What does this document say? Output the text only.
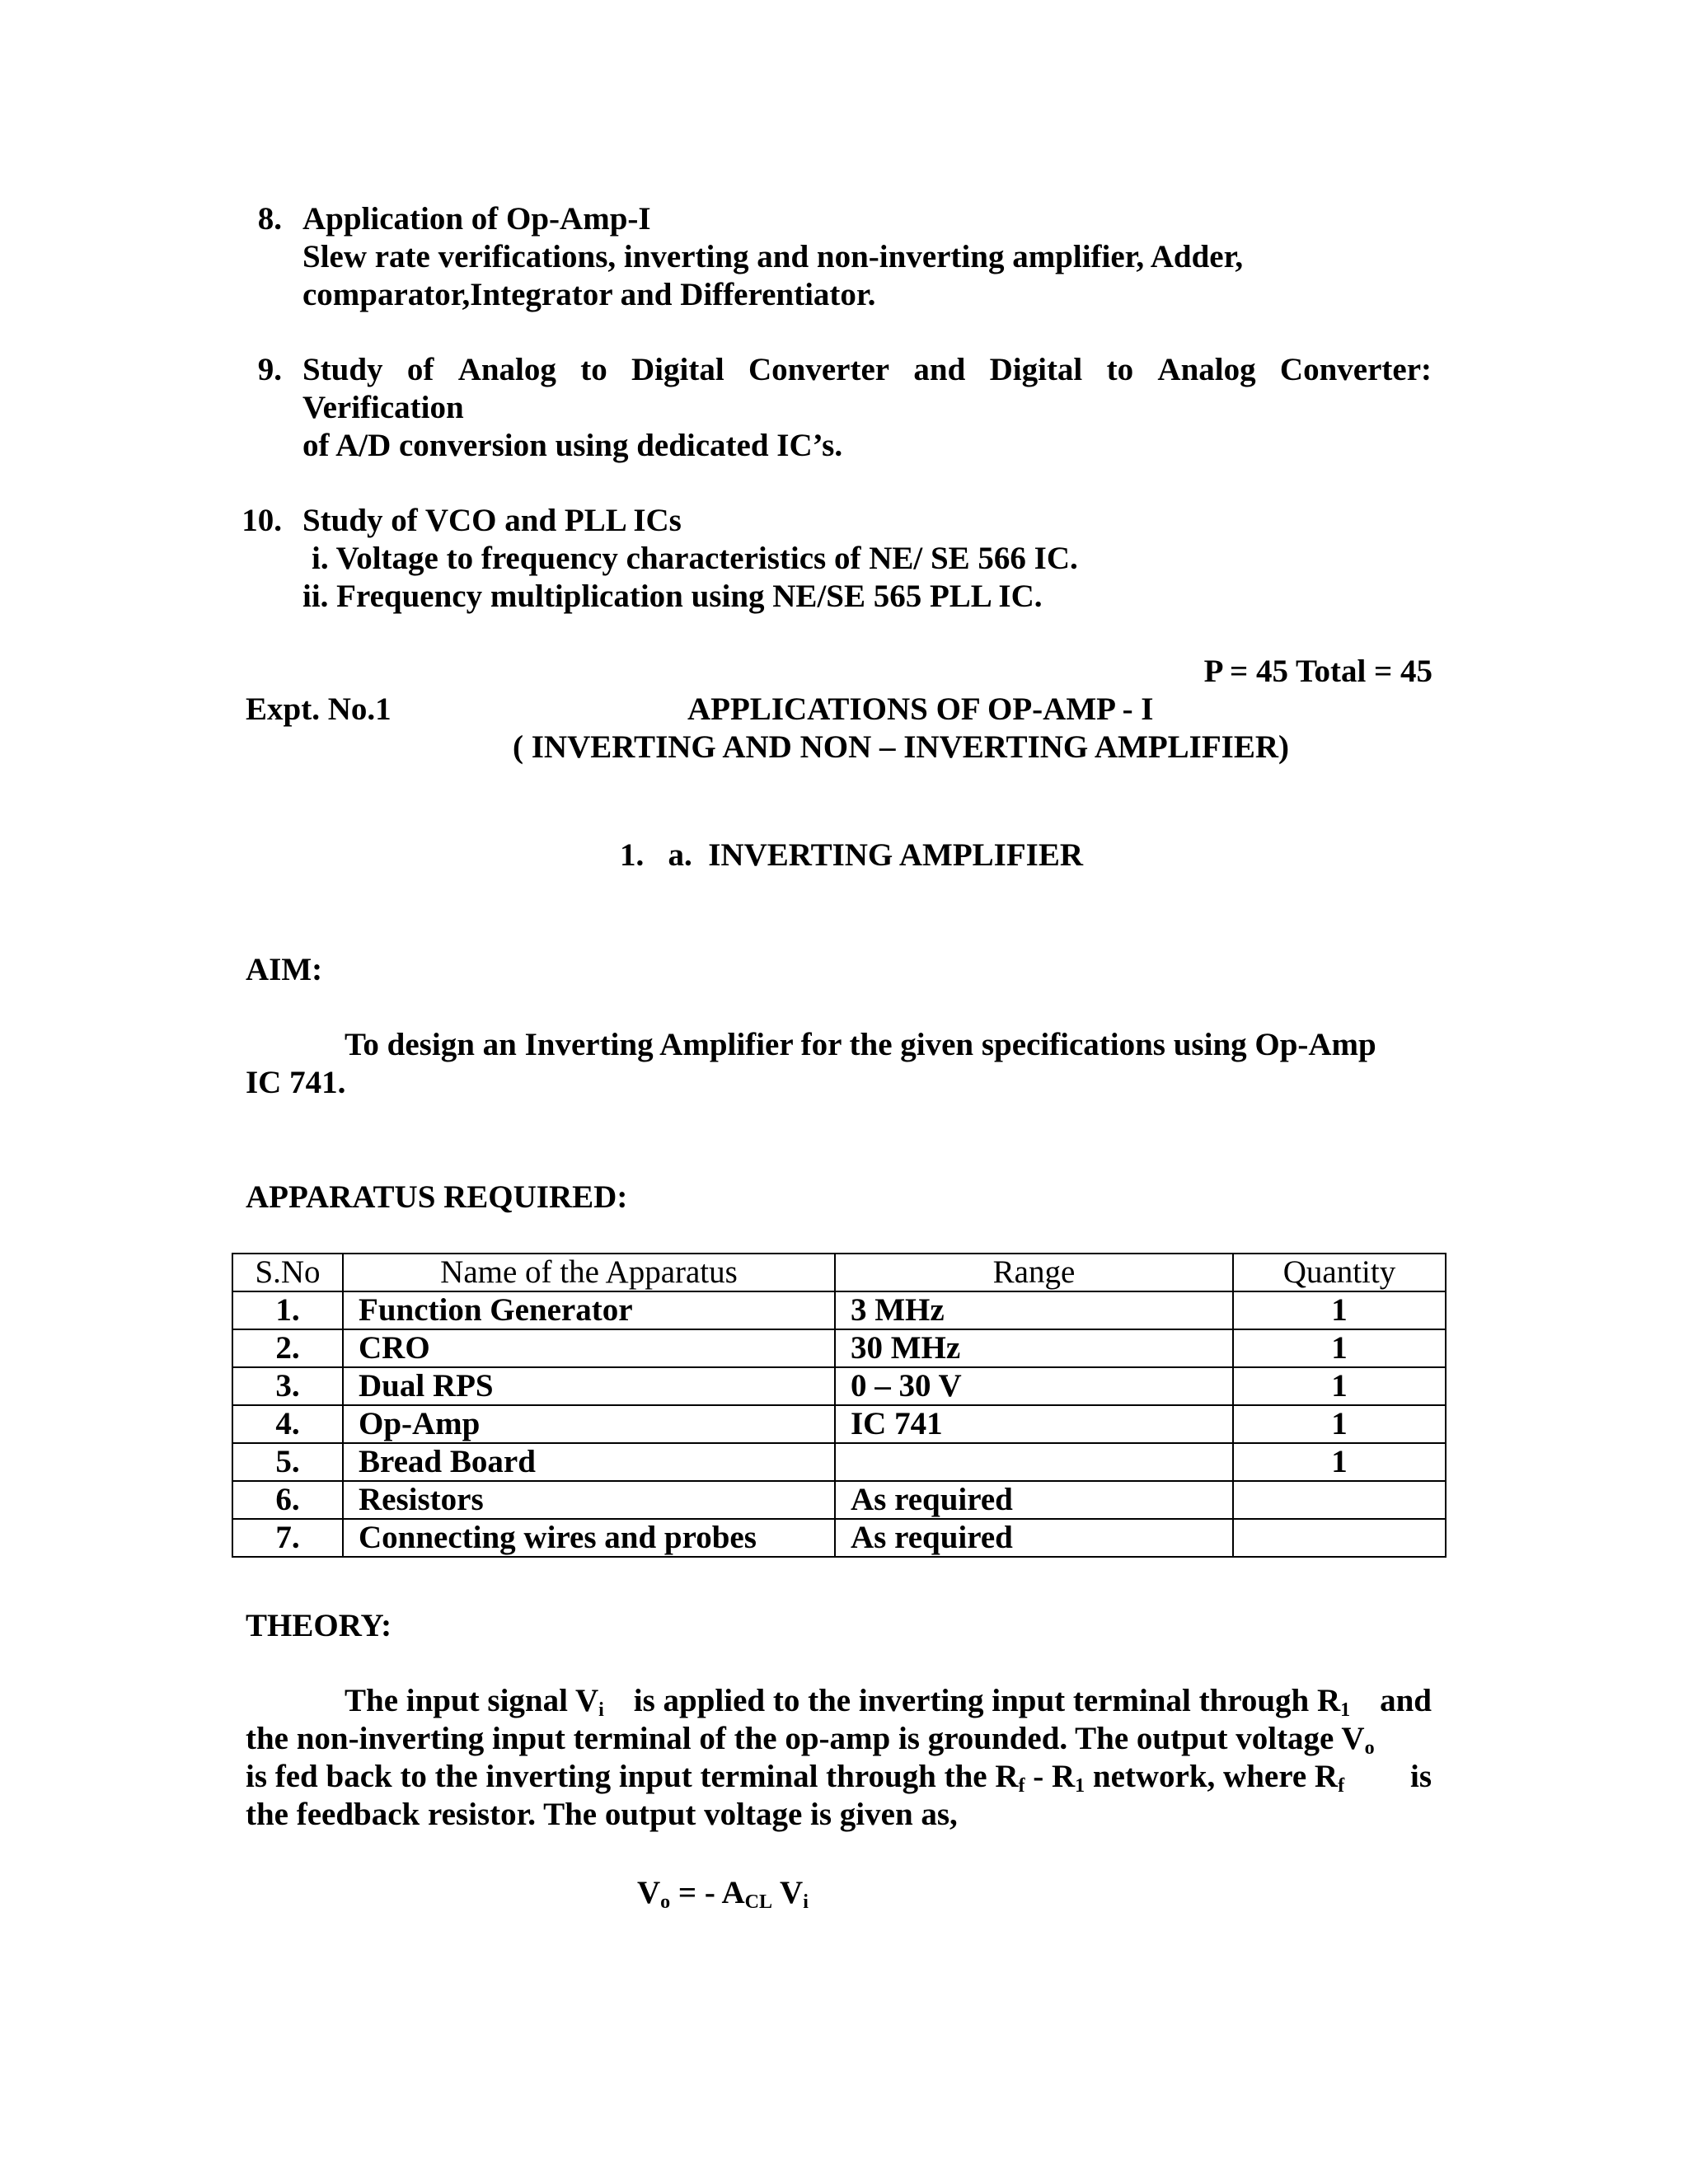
8. Application of Op-Amp-I
Slew rate verifications, inverting and non-inverting amplifier, Adder,
comparator,Integrator and Differentiator.
9. Study of Analog to Digital Converter and Digital to Analog Converter:
Verification
of A/D conversion using dedicated IC’s.
10. Study of VCO and PLL ICs
i. Voltage to frequency characteristics of NE/ SE 566 IC.
ii. Frequency multiplication using NE/SE 565 PLL IC.
P = 45 Total = 45
Expt. No.1	APPLICATIONS OF OP-AMP - I
( INVERTING AND NON – INVERTING AMPLIFIER)
1.   a.  INVERTING AMPLIFIER
AIM:
To design an Inverting Amplifier for the given specifications using Op-Amp
IC 741.
APPARATUS REQUIRED:
S.No	Name of the Apparatus	Range	Quantity
1.	Function Generator	3 MHz	1
2.	CRO	30 MHz	1
3.	Dual RPS	0 – 30 V	1
4.	Op-Amp	IC 741	1
5.	Bread Board		1
6.	Resistors	As required	
7.	Connecting wires and probes	As required	
THEORY:
The input signal $V_i$ is applied to the inverting input terminal through $R_1$ and
the non-inverting input terminal of the op-amp is grounded. The output voltage $V_o$
is fed back to the inverting input terminal through the $R_f - R_1$ network, where $R_f$ is
the feedback resistor. The output voltage is given as,
$V_o$ = - $A_{CL}$ $V_i$
